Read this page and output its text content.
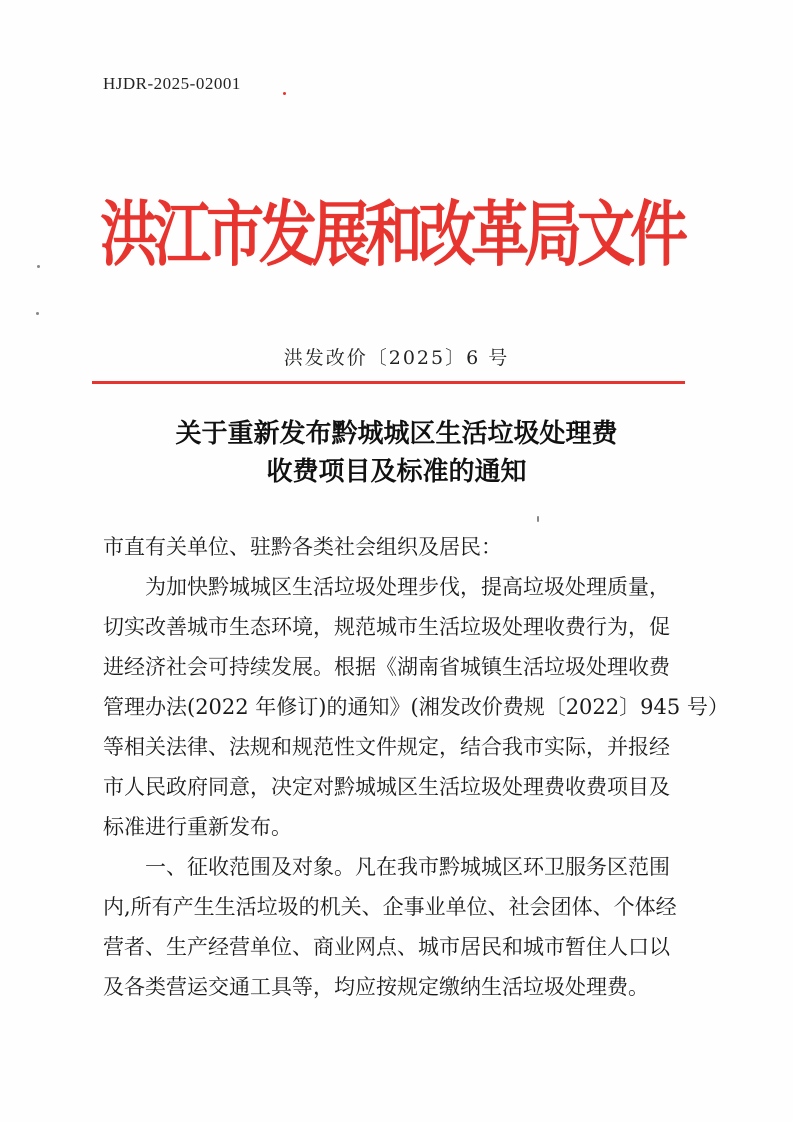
HJDR-2025-02001
洪江市发展和改革局文件
洪发改价〔2025〕6 号
关于重新发布黔城城区生活垃圾处理费
收费项目及标准的通知

市直有关单位、驻黔各类社会组织及居民：

为加快黔城城区生活垃圾处理步伐，提高垃圾处理质量，

切实改善城市生态环境，规范城市生活垃圾处理收费行为，促

进经济社会可持续发展。根据《湖南省城镇生活垃圾处理收费

管理办法(2022 年修订)的通知》(湘发改价费规〔2022〕945 号）

等相关法律、法规和规范性文件规定，结合我市实际，并报经

市人民政府同意，决定对黔城城区生活垃圾处理费收费项目及

标准进行重新发布。

一、征收范围及对象。凡在我市黔城城区环卫服务区范围

内,所有产生生活垃圾的机关、企事业单位、社会团体、个体经

营者、生产经营单位、商业网点、城市居民和城市暂住人口以

及各类营运交通工具等，均应按规定缴纳生活垃圾处理费。
